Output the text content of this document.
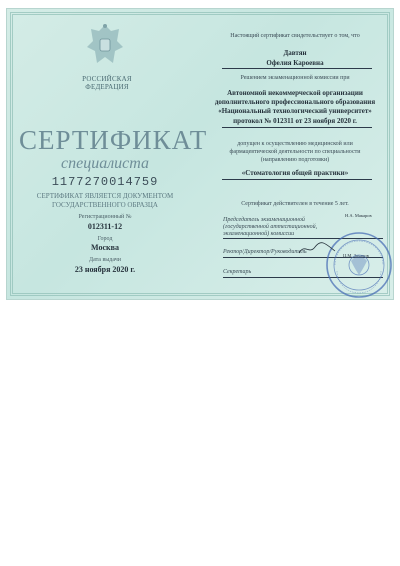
РОССИЙСКАЯ ФЕДЕРАЦИЯ
СЕРТИФИКАТ
специалиста
1177270014759
СЕРТИФИКАТ ЯВЛЯЕТСЯ ДОКУМЕНТОМ ГОСУДАРСТВЕННОГО ОБРАЗЦА
Регистрационный №
012311-12
Город
Москва
Дата выдачи
23 ноября 2020 г.
Настоящий сертификат свидетельствует о том, что
Давтян
Офелия Кароевна
Решением экзаменационной комиссии при
Автономной некоммерческой организации
дополнительного профессионального образования
«Национальный технологический университет»
протокол № 012311 от 23 ноября 2020 г.
допущен к осуществлению медицинской или
фармацевтической деятельности по специальности
(направлению подготовки)
«Стоматология общей практики»
Сертификат действителен в течение 5 лет.
Председатель экзаменационной
(государственной аттестационной,
экзаменационной) комиссии
Н.А. Макаров
Ректор/Директор/Руководитель
Ц.М. Захаров
Секретарь
